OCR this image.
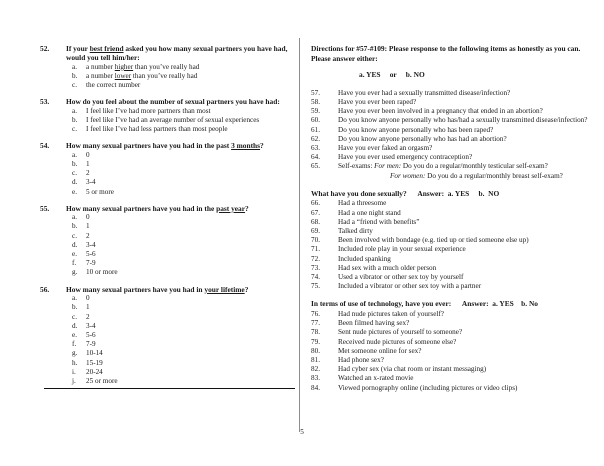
52.	If your best friend asked you how many sexual partners you have had, would you tell him/her:
a.	a number higher than you’ve really had
b.	a number lower than you’ve really had
c.	the correct number
53.	How do you feel about the number of sexual partners you have had:
a.	I feel like I’ve had more partners than most
b.	I feel like I’ve had an average number of sexual experiences
c.	I feel like I’ve had less partners than most people
54.	How many sexual partners have you had in the past 3 months?
a.	0
b.	1
c.	2
d.	3-4
e.	5 or more
55.	How many sexual partners have you had in the past year?
a.	0
b.	1
c.	2
d.	3-4
e.	5-6
f.	7-9
g.	10 or more
56.	How many sexual partners have you had in your lifetime?
a.	0
b.	1
c.	2
d.	3-4
e.	5-6
f.	7-9
g.	10-14
h.	15-19
i.	20-24
j.	25 or more
Directions for #57-#109: Please response to the following items as honestly as you can. Please answer either:
a. YES     or     b. NO
57.	Have you ever had a sexually transmitted disease/infection?
58.	Have you ever been raped?
59.	Have you ever been involved in a pregnancy that ended in an abortion?
60.	Do you know anyone personally who has/had a sexually transmitted disease/infection?
61.	Do you know anyone personally who has been raped?
62.	Do you know anyone personally who has had an abortion?
63.	Have you ever faked an orgasm?
64.	Have you ever used emergency contraception?
65.	Self-exams: For men: Do you do a regular/monthly testicular self-exam?
For women: Do you do a regular/monthly breast self-exam?
What have you done sexually?      Answer:  a. YES     b.  NO
66.	Had a threesome
67.	Had a one night stand
68.	Had a “friend with benefits”
69.	Talked dirty
70.	Been involved with bondage (e.g. tied up or tied someone else up)
71.	Included role play in your sexual experience
72.	Included spanking
73.	Had sex with a much older person
74.	Used a vibrator or other sex toy by yourself
75.	Included a vibrator or other sex toy with a partner
In terms of use of technology, have you ever:      Answer:  a. YES    b. No
76.	Had nude pictures taken of yourself?
77.	Been filmed having sex?
78.	Sent nude pictures of yourself to someone?
79.	Received nude pictures of someone else?
80.	Met someone online for sex?
81.	Had phone sex?
82.	Had cyber sex (via chat room or instant messaging)
83.	Watched an x-rated movie
84.	Viewed pornography online (including pictures or video clips)
5
